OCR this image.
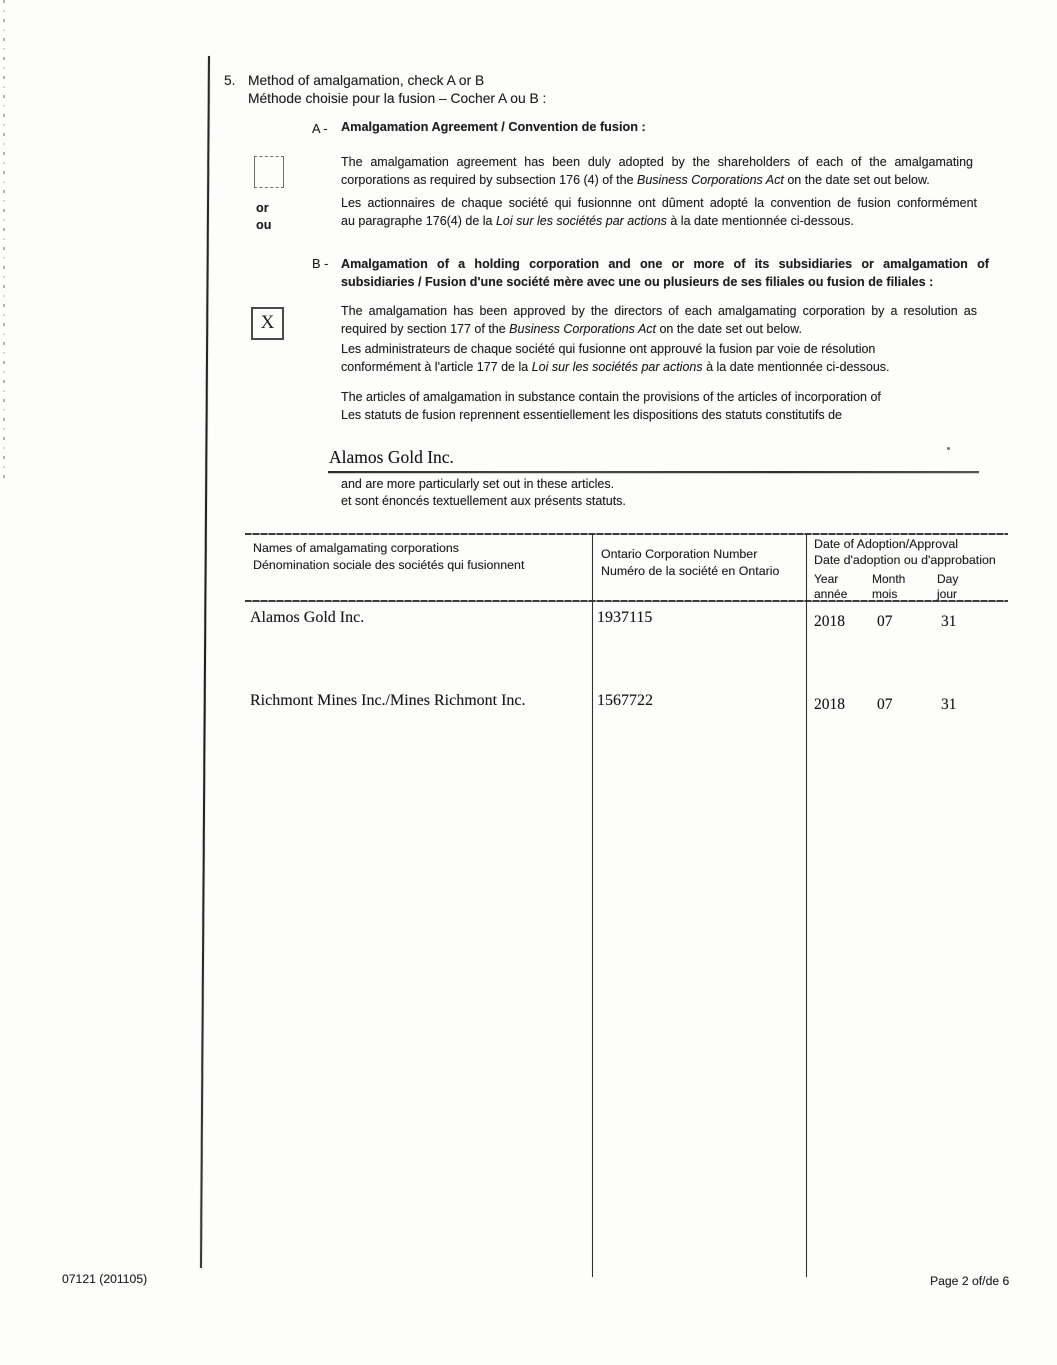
5. Method of amalgamation, check A or B
Méthode choisie pour la fusion – Cocher A ou B :
A - Amalgamation Agreement / Convention de fusion :
The amalgamation agreement has been duly adopted by the shareholders of each of the amalgamating
corporations as required by subsection 176 (4) of the Business Corporations Act on the date set out below.
or
ou
Les actionnaires de chaque société qui fusionnne ont dûment adopté la convention de fusion conformément
au paragraphe 176(4) de la Loi sur les sociétés par actions à la date mentionnée ci-dessous.
B - Amalgamation of a holding corporation and one or more of its subsidiaries or amalgamation of
subsidiaries / Fusion d'une société mère avec une ou plusieurs de ses filiales ou fusion de filiales :
X
The amalgamation has been approved by the directors of each amalgamating corporation by a resolution as
required by section 177 of the Business Corporations Act on the date set out below.
Les administrateurs de chaque société qui fusionne ont approuvé la fusion par voie de résolution
conformément à l'article 177 de la Loi sur les sociétés par actions à la date mentionnée ci-dessous.
The articles of amalgamation in substance contain the provisions of the articles of incorporation of
Les statuts de fusion reprennent essentiellement les dispositions des statuts constitutifs de
Alamos Gold Inc.
and are more particularly set out in these articles.
et sont énoncés textuellement aux présents statuts.
Names of amalgamating corporations
Dénomination sociale des sociétés qui fusionnent
Ontario Corporation Number
Numéro de la société en Ontario
Date of Adoption/Approval
Date d'adoption ou d'approbation
Year
année
Month
mois
Day
jour
Alamos Gold Inc.	1937115	2018 07	31
Richmont Mines Inc./Mines Richmont Inc.	1567722	2018 07	31
07121 (201105)	Page 2 of/de 6
